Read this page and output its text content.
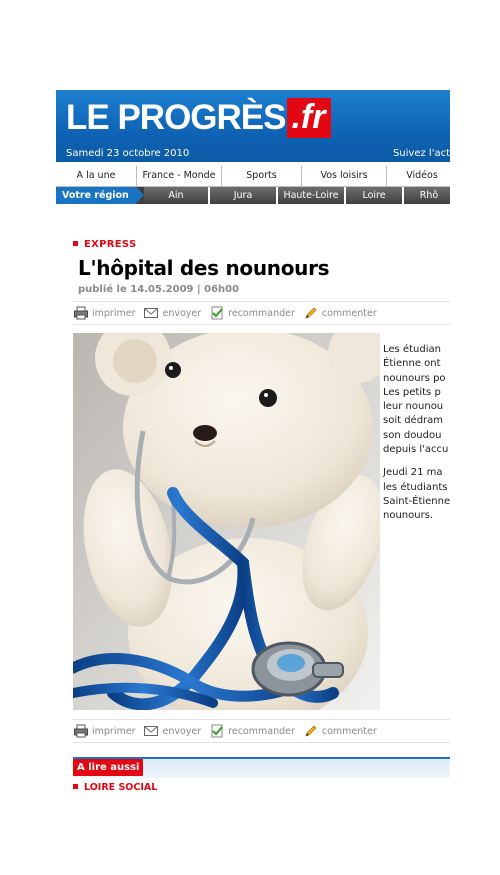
LE PROGRÈS .fr
Samedi 23 octobre 2010	Suivez l'act
A la une	France - Monde	Sports	Vos loisirs	Vidéos
Votre région	Ain	Jura	Haute-Loire	Loire	Rhô
EXPRESS
L'hôpital des nounours
publié le 14.05.2009 | 06h00
imprimer	envoyer	recommander	commenter

Les étudian
Étienne ont
nounours po
Les petits p
leur nounou
soit dédram
son doudou
depuis l'accu

Jeudi 21 ma
les étudiants
Saint-Étienne
nounours.

imprimer	envoyer	recommander	commenter
A lire aussi
LOIRE SOCIAL
